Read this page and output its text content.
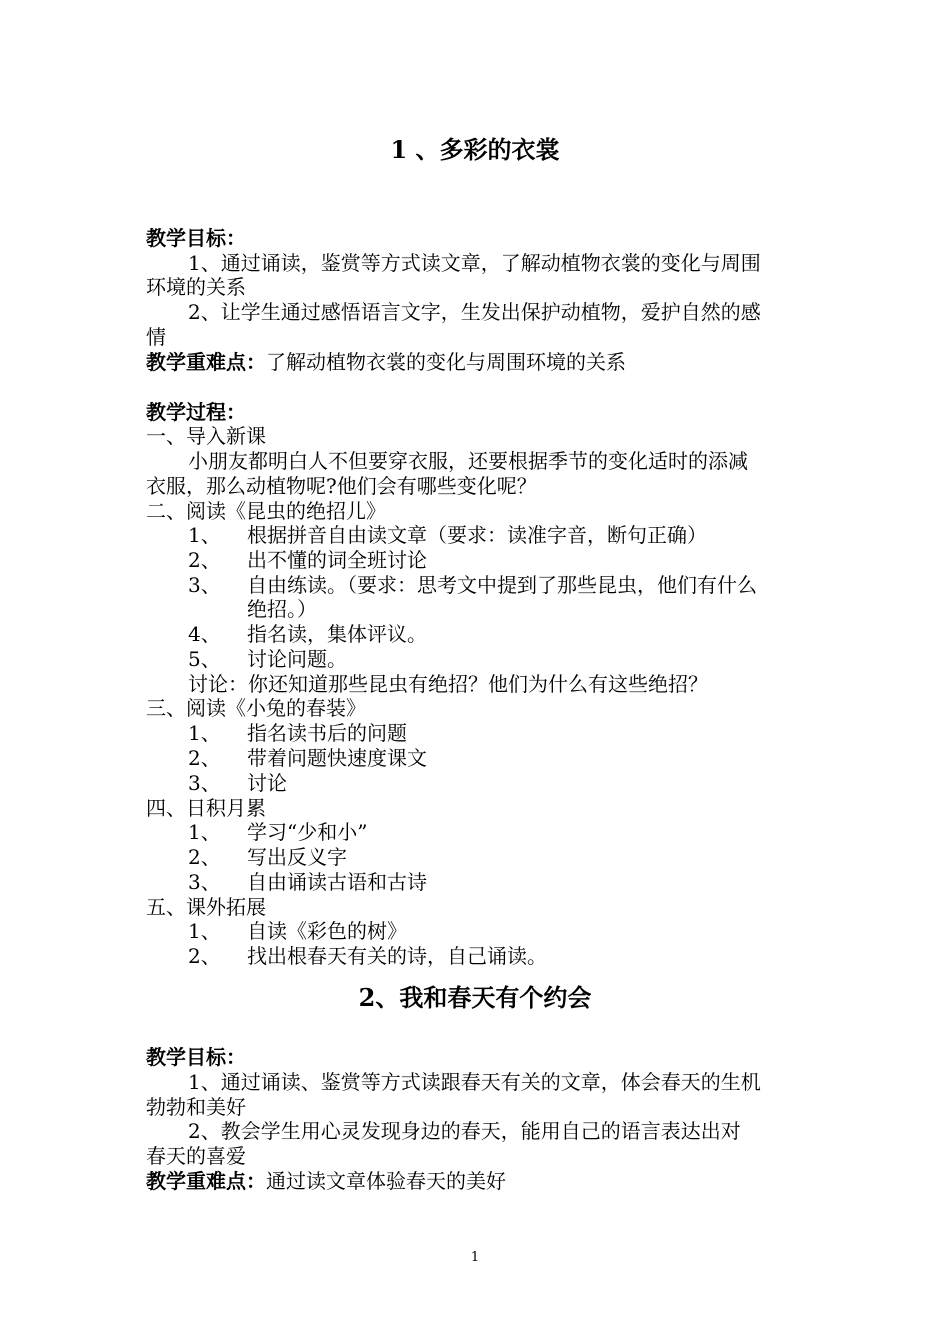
1 、多彩的衣裳
教学目标：
1、通过诵读，鉴赏等方式读文章，了解动植物衣裳的变化与周围
环境的关系
2、让学生通过感悟语言文字，生发出保护动植物，爱护自然的感
情
教学重难点：了解动植物衣裳的变化与周围环境的关系
教学过程：
一、导入新课
小朋友都明白人不但要穿衣服，还要根据季节的变化适时的添减
衣服，那么动植物呢?他们会有哪些变化呢？
二、阅读《昆虫的绝招儿》
1、 根据拼音自由读文章（要求：读准字音，断句正确）
2、 出不懂的词全班讨论
3、 自由练读。（要求：思考文中提到了那些昆虫，他们有什么
绝招。）
4、 指名读，集体评议。
5、 讨论问题。
讨论：你还知道那些昆虫有绝招？他们为什么有这些绝招？
三、阅读《小兔的春装》
1、 指名读书后的问题
2、 带着问题快速度课文
3、 讨论
四、日积月累
1、 学习“少和小”
2、 写出反义字
3、 自由诵读古语和古诗
五、课外拓展
1、 自读《彩色的树》
2、 找出根春天有关的诗，自己诵读。
2、我和春天有个约会
教学目标：
1、通过诵读、鉴赏等方式读跟春天有关的文章，体会春天的生机
勃勃和美好
2、教会学生用心灵发现身边的春天，能用自己的语言表达出对
春天的喜爱
教学重难点：通过读文章体验春天的美好
1
